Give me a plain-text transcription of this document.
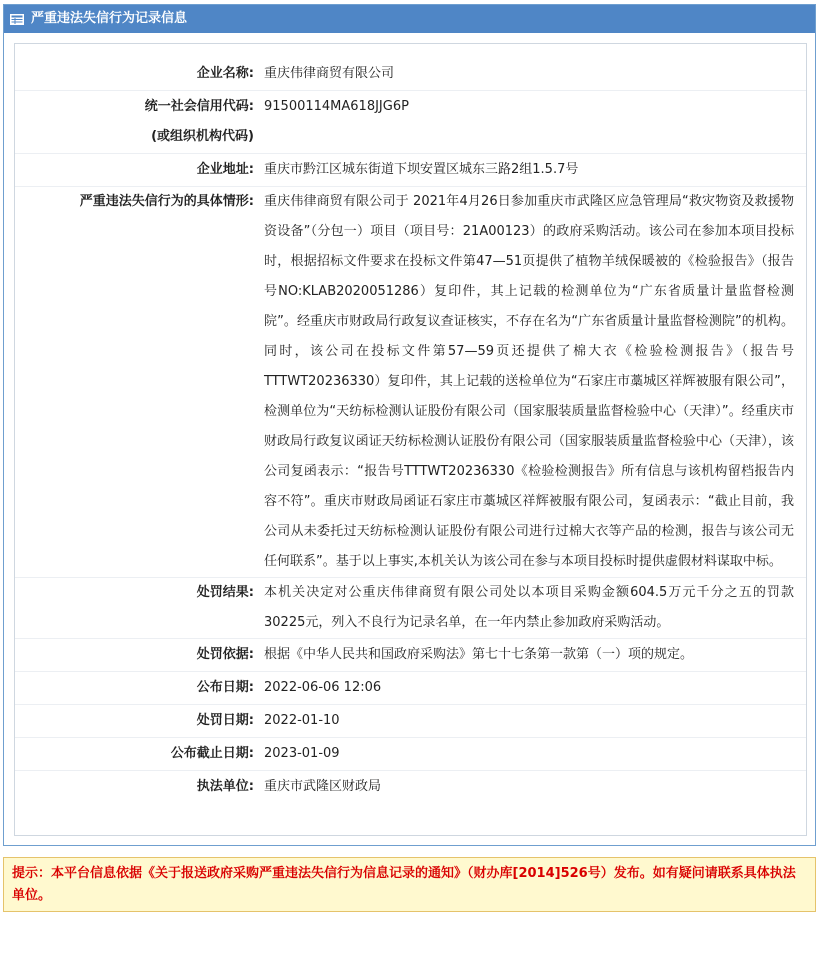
严重违法失信行为记录信息
企业名称:	重庆伟律商贸有限公司

统一社会信用代码:
(或组织机构代码)	91500114MA618JJG6P
企业地址:	重庆市黔江区城东街道下坝安置区城东三路2组1.5.7号
严重违法失信行为的具体情形:	重庆伟律商贸有限公司于 2021年4月26日参加重庆市武隆区应急管理局“救灾物资及救援物资设备”（分包一）项目（项目号：21A00123）的政府采购活动。该公司在参加本项目投标时，根据招标文件要求在投标文件第47—51页提供了植物羊绒保暖被的《检验报告》（报告号NO:KLAB2020051286）复印件，其上记载的检测单位为“广东省质量计量监督检测院”。经重庆市财政局行政复议查证核实，不存在名为“广东省质量计量监督检测院”的机构。同时，该公司在投标文件第57—59页还提供了棉大衣《检验检测报告》（报告号TTTWT20236330）复印件，其上记载的送检单位为“石家庄市藁城区祥辉被服有限公司”，检测单位为“天纺标检测认证股份有限公司（国家服装质量监督检验中心（天津）”。经重庆市财政局行政复议函证天纺标检测认证股份有限公司（国家服装质量监督检验中心（天津），该公司复函表示：“报告号TTTWT20236330《检验检测报告》所有信息与该机构留档报告内容不符”。重庆市财政局函证石家庄市藁城区祥辉被服有限公司，复函表示：“截止目前，我公司从未委托过天纺标检测认证股份有限公司进行过棉大衣等产品的检测，报告与该公司无任何联系”。基于以上事实,本机关认为该公司在参与本项目投标时提供虚假材料谋取中标。
处罚结果:	本机关决定对公重庆伟律商贸有限公司处以本项目采购金额604.5万元千分之五的罚款30225元，列入不良行为记录名单，在一年内禁止参加政府采购活动。
处罚依据:	根据《中华人民共和国政府采购法》第七十七条第一款第（一）项的规定。
公布日期:	2022-06-06 12:06
处罚日期:	2022-01-10
公布截止日期:	2023-01-09
执法单位:	重庆市武隆区财政局
提示：本平台信息依据《关于报送政府采购严重违法失信行为信息记录的通知》（财办库[2014]526号）发布。如有疑问请联系具体执法单位。
